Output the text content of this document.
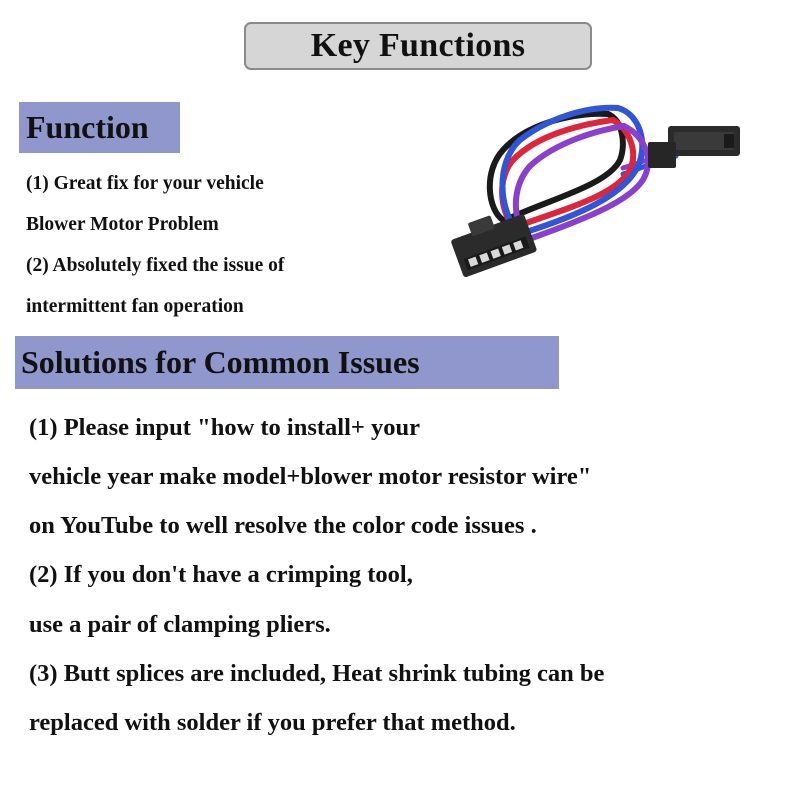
Key Functions
Function
(1) Great fix for your vehicle
Blower Motor Problem
(2) Absolutely fixed the issue of
intermittent fan operation
Solutions for Common Issues
(1) Please input "how to install+ your
vehicle year make model+blower motor resistor wire"
on YouTube to well resolve the color code issues .
(2) If you don't have a crimping tool,
use a pair of clamping pliers.
(3) Butt splices are included, Heat shrink tubing can be
replaced with solder if you prefer that method.
